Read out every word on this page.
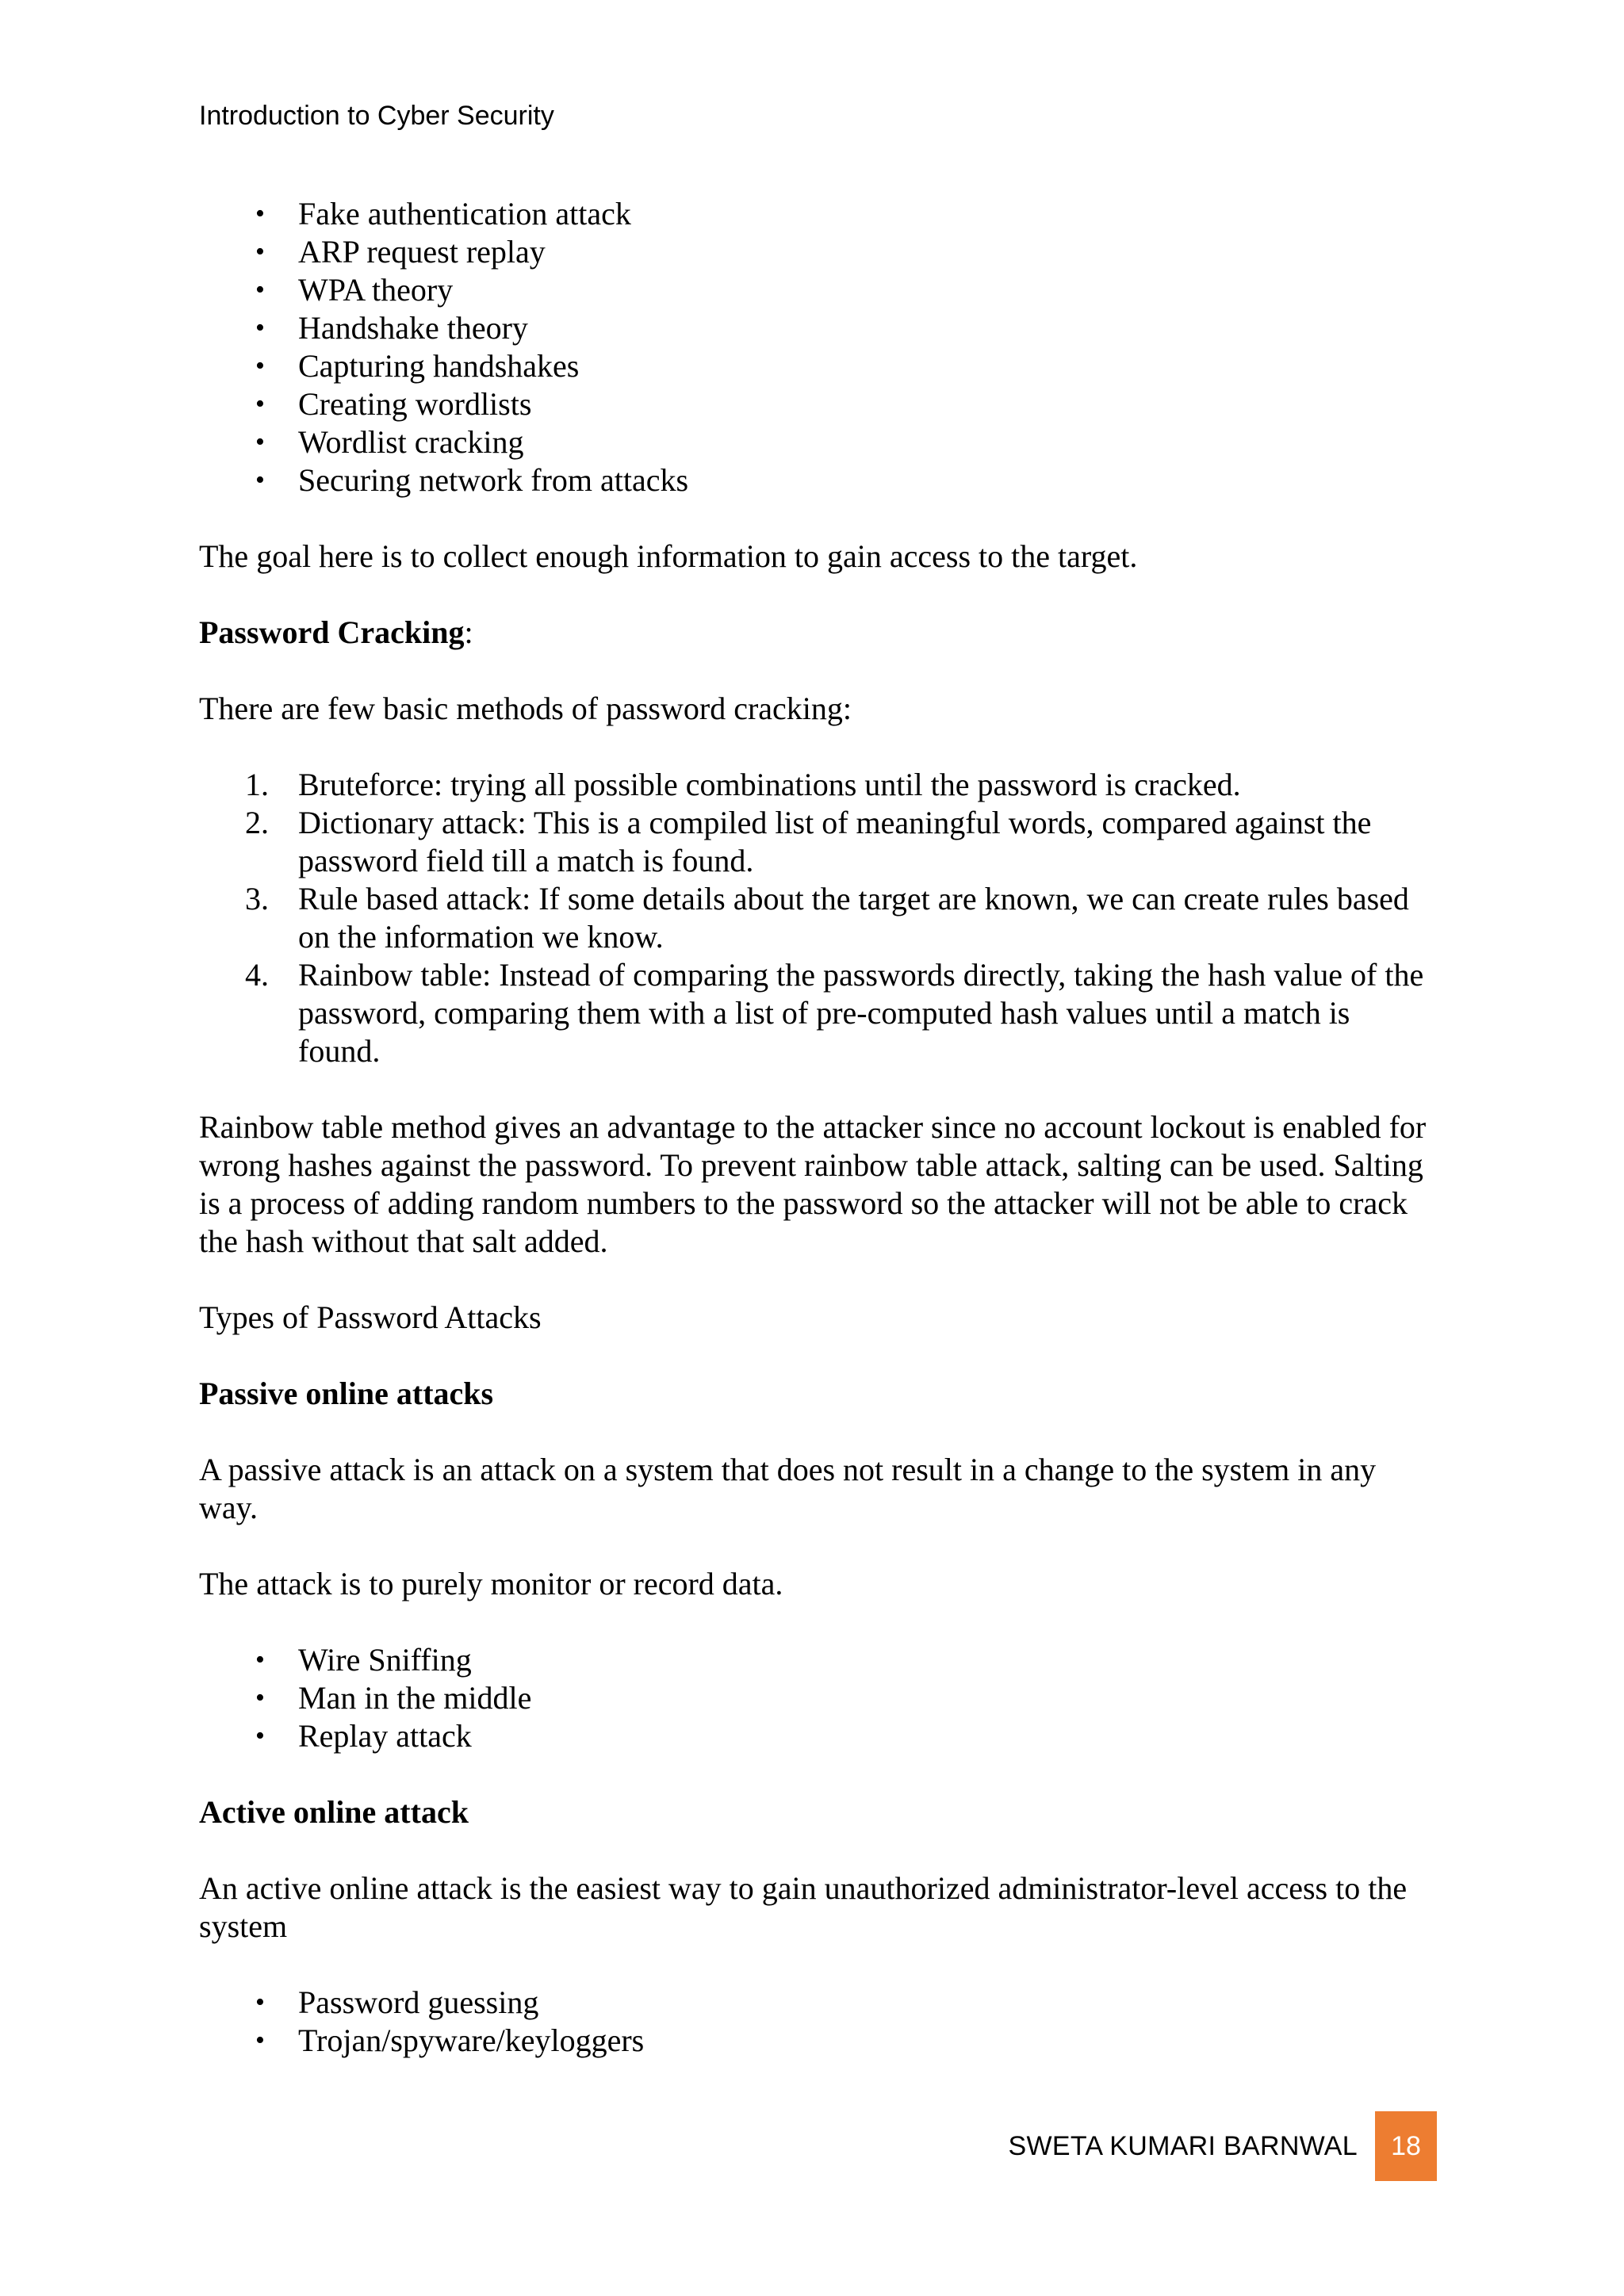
Introduction to Cyber Security
•	Fake authentication attack
•	ARP request replay
•	WPA theory
•	Handshake theory
•	Capturing handshakes
•	Creating wordlists
•	Wordlist cracking
•	Securing network from attacks

The goal here is to collect enough information to gain access to the target.

Password Cracking:

There are few basic methods of password cracking:

1. Bruteforce: trying all possible combinations until the password is cracked.
2. Dictionary attack: This is a compiled list of meaningful words, compared against the password field till a match is found.
3. Rule based attack: If some details about the target are known, we can create rules based on the information we know.
4. Rainbow table: Instead of comparing the passwords directly, taking the hash value of the password, comparing them with a list of pre-computed hash values until a match is found.

Rainbow table method gives an advantage to the attacker since no account lockout is enabled for wrong hashes against the password. To prevent rainbow table attack, salting can be used. Salting is a process of adding random numbers to the password so the attacker will not be able to crack the hash without that salt added.

Types of Password Attacks

Passive online attacks

A passive attack is an attack on a system that does not result in a change to the system in any way.

The attack is to purely monitor or record data.

•	Wire Sniffing
•	Man in the middle
•	Replay attack

Active online attack

An active online attack is the easiest way to gain unauthorized administrator-level access to the system

•	Password guessing
•	Trojan/spyware/keyloggers
SWETA KUMARI BARNWAL	18
